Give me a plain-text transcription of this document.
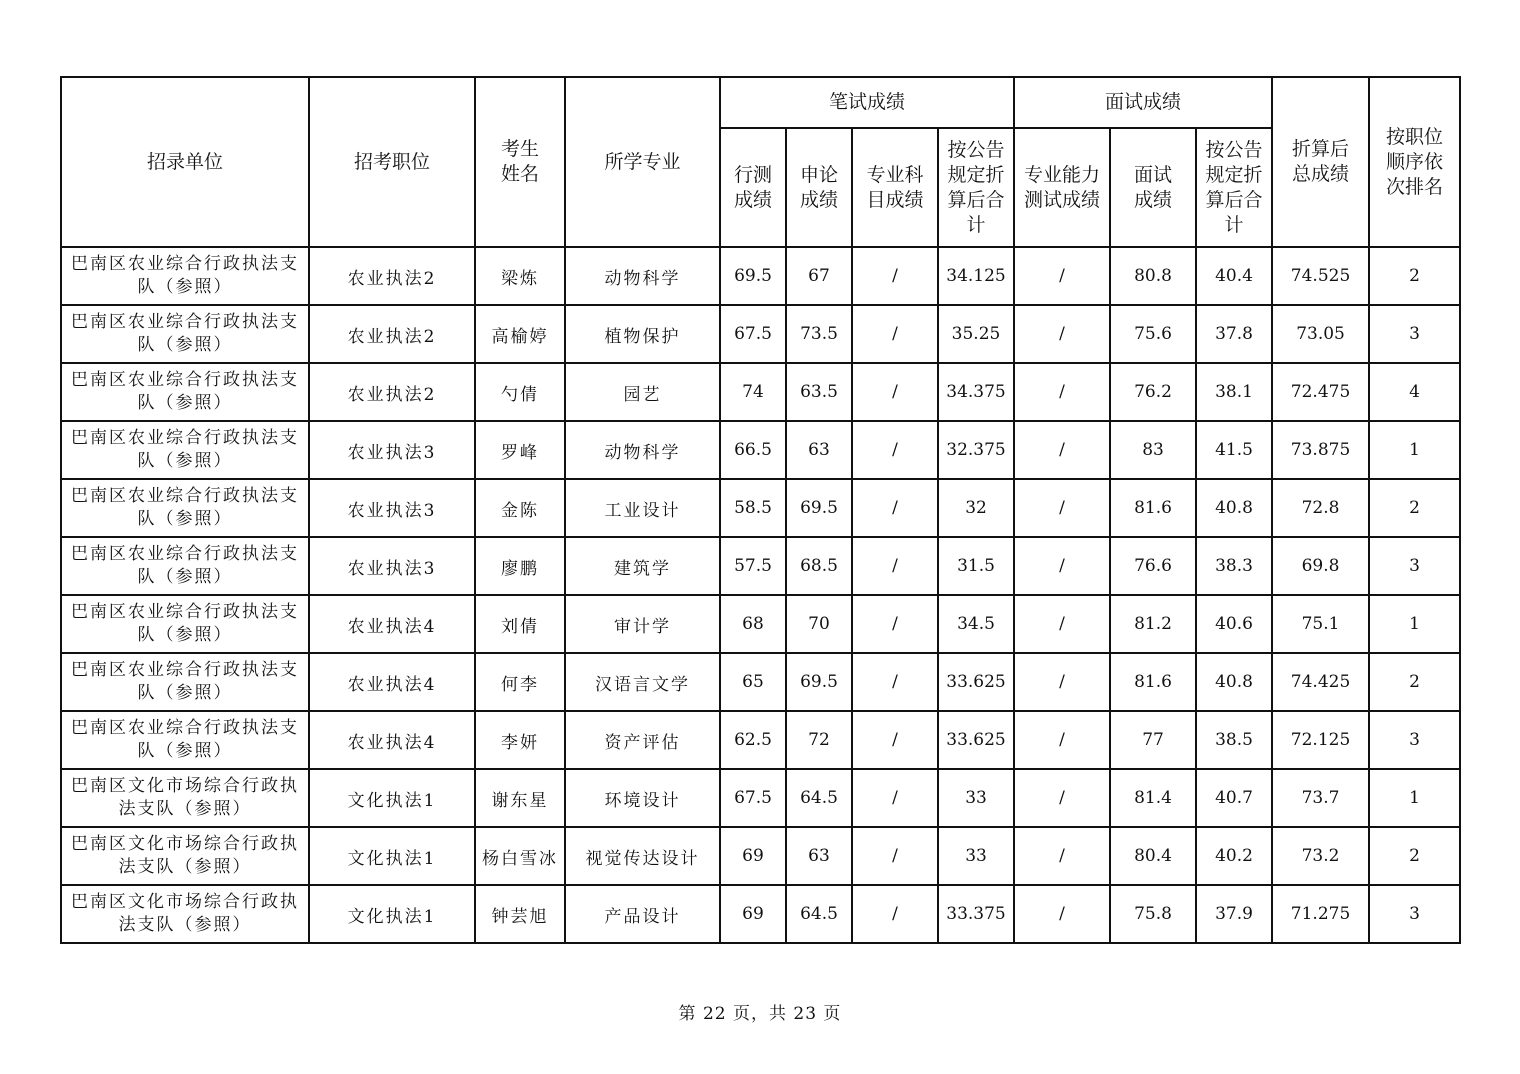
招录单位	招考职位	考生姓名	所学专业	笔试成绩				面试成绩			折算后总成绩	按职位顺序依次排名
				行测成绩	申论成绩	专业科目成绩	按公告规定折算后合计	专业能力测试成绩	面试成绩	按公告规定折算后合计		
巴南区农业综合行政执法支队（参照）	农业执法2	梁炼	动物科学	69.5	67	/	34.125	/	80.8	40.4	74.525	2
巴南区农业综合行政执法支队（参照）	农业执法2	高榆婷	植物保护	67.5	73.5	/	35.25	/	75.6	37.8	73.05	3
巴南区农业综合行政执法支队（参照）	农业执法2	勺倩	园艺	74	63.5	/	34.375	/	76.2	38.1	72.475	4
巴南区农业综合行政执法支队（参照）	农业执法3	罗峰	动物科学	66.5	63	/	32.375	/	83	41.5	73.875	1
巴南区农业综合行政执法支队（参照）	农业执法3	金陈	工业设计	58.5	69.5	/	32	/	81.6	40.8	72.8	2
巴南区农业综合行政执法支队（参照）	农业执法3	廖鹏	建筑学	57.5	68.5	/	31.5	/	76.6	38.3	69.8	3
巴南区农业综合行政执法支队（参照）	农业执法4	刘倩	审计学	68	70	/	34.5	/	81.2	40.6	75.1	1
巴南区农业综合行政执法支队（参照）	农业执法4	何李	汉语言文学	65	69.5	/	33.625	/	81.6	40.8	74.425	2
巴南区农业综合行政执法支队（参照）	农业执法4	李妍	资产评估	62.5	72	/	33.625	/	77	38.5	72.125	3
巴南区文化市场综合行政执法支队（参照）	文化执法1	谢东星	环境设计	67.5	64.5	/	33	/	81.4	40.7	73.7	1
巴南区文化市场综合行政执法支队（参照）	文化执法1	杨白雪冰	视觉传达设计	69	63	/	33	/	80.4	40.2	73.2	2
巴南区文化市场综合行政执法支队（参照）	文化执法1	钟芸旭	产品设计	69	64.5	/	33.375	/	75.8	37.9	71.275	3
第 22 页，共 23 页
